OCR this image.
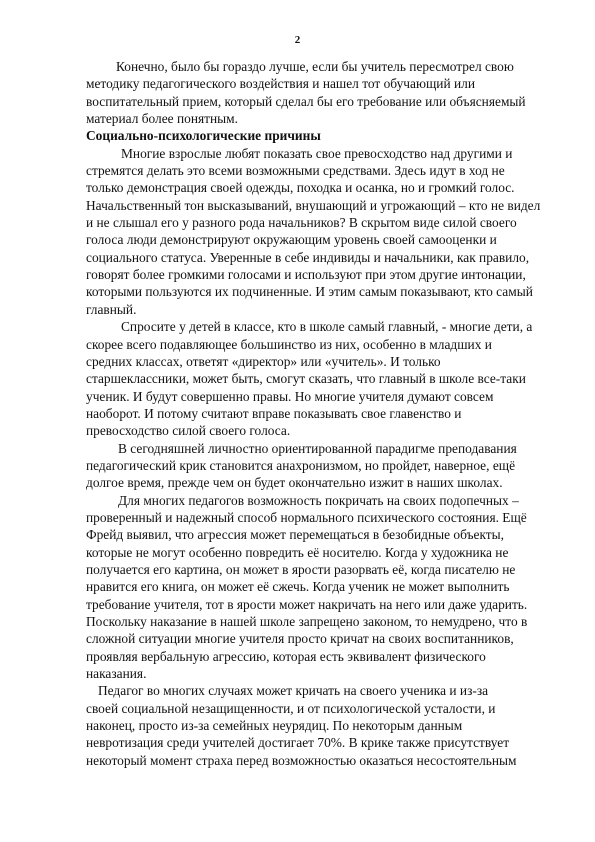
2
Конечно, было бы гораздо лучше, если бы учитель пересмотрел свою
методику педагогического воздействия и нашел тот обучающий или
воспитательный прием, который сделал бы его требование или объясняемый
материал более понятным.
Социально-психологические причины
Многие взрослые любят показать свое превосходство над другими и
стремятся делать это всеми возможными средствами. Здесь идут в ход не
только демонстрация своей одежды, походка и осанка, но и громкий голос.
Начальственный тон высказываний, внушающий и угрожающий – кто не видел
и не слышал его у разного рода начальников? В скрытом виде силой своего
голоса люди демонстрируют окружающим уровень своей самооценки и
социального статуса. Уверенные в себе индивиды и начальники, как правило,
говорят более громкими голосами и используют при этом другие интонации,
которыми пользуются их подчиненные. И этим самым показывают, кто самый
главный.
Спросите у детей в классе, кто в школе самый главный, - многие дети, а
скорее всего подавляющее большинство из них, особенно в младших и
средних классах, ответят «директор» или «учитель». И только
старшеклассники, может быть, смогут сказать, что главный в школе все-таки
ученик. И будут совершенно правы. Но многие учителя думают совсем
наоборот. И потому считают вправе показывать свое главенство и
превосходство силой своего голоса.
В сегодняшней личностно ориентированной парадигме преподавания
педагогический крик становится анахронизмом, но пройдет, наверное, ещё
долгое время, прежде чем он будет окончательно изжит в наших школах.
Для многих педагогов возможность покричать на своих подопечных –
проверенный и надежный способ нормального психического состояния. Ещё
Фрейд выявил, что агрессия может перемещаться в безобидные объекты,
которые не могут особенно повредить её носителю. Когда у художника не
получается его картина, он может в ярости разорвать её, когда писателю не
нравится его книга, он может её сжечь. Когда ученик не может выполнить
требование учителя, тот в ярости может накричать на него или даже ударить.
Поскольку наказание в нашей школе запрещено законом, то немудрено, что в
сложной ситуации многие учителя просто кричат на своих воспитанников,
проявляя вербальную агрессию, которая есть эквивалент физического
наказания.
Педагог во многих случаях может кричать на своего ученика и из-за
своей социальной незащищенности, и от психологической усталости, и
наконец, просто из-за семейных неурядиц. По некоторым данным
невротизация среди учителей достигает 70%. В крике также присутствует
некоторый момент страха перед возможностью оказаться несостоятельным
